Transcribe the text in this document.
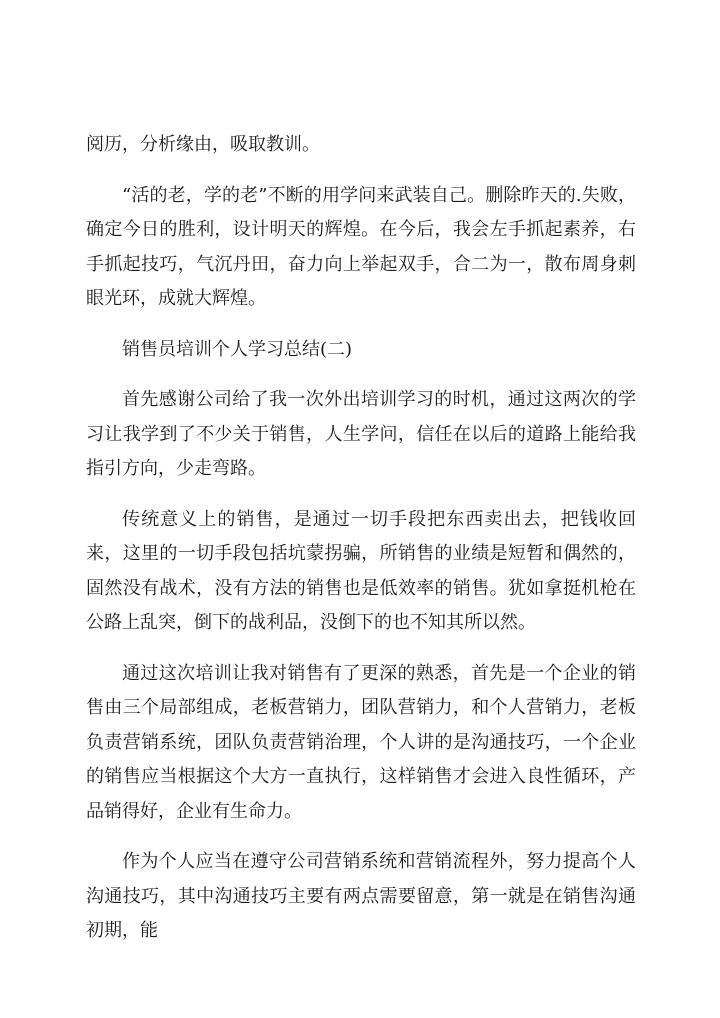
阅历，分析缘由，吸取教训。

“活的老，学的老”不断的用学问来武装自己。删除昨天的.失败，确定今日的胜利，设计明天的辉煌。在今后，我会左手抓起素养，右手抓起技巧，气沉丹田，奋力向上举起双手，合二为一，散布周身刺眼光环，成就大辉煌。

销售员培训个人学习总结(二)

首先感谢公司给了我一次外出培训学习的时机，通过这两次的学习让我学到了不少关于销售，人生学问，信任在以后的道路上能给我指引方向，少走弯路。

传统意义上的销售，是通过一切手段把东西卖出去，把钱收回来，这里的一切手段包括坑蒙拐骗，所销售的业绩是短暂和偶然的，固然没有战术，没有方法的销售也是低效率的销售。犹如拿挺机枪在公路上乱突，倒下的战利品，没倒下的也不知其所以然。

通过这次培训让我对销售有了更深的熟悉，首先是一个企业的销售由三个局部组成，老板营销力，团队营销力，和个人营销力，老板负责营销系统，团队负责营销治理，个人讲的是沟通技巧，一个企业的销售应当根据这个大方一直执行，这样销售才会进入良性循环，产品销得好，企业有生命力。

作为个人应当在遵守公司营销系统和营销流程外，努力提高个人沟通技巧，其中沟通技巧主要有两点需要留意，第一就是在销售沟通初期，能
